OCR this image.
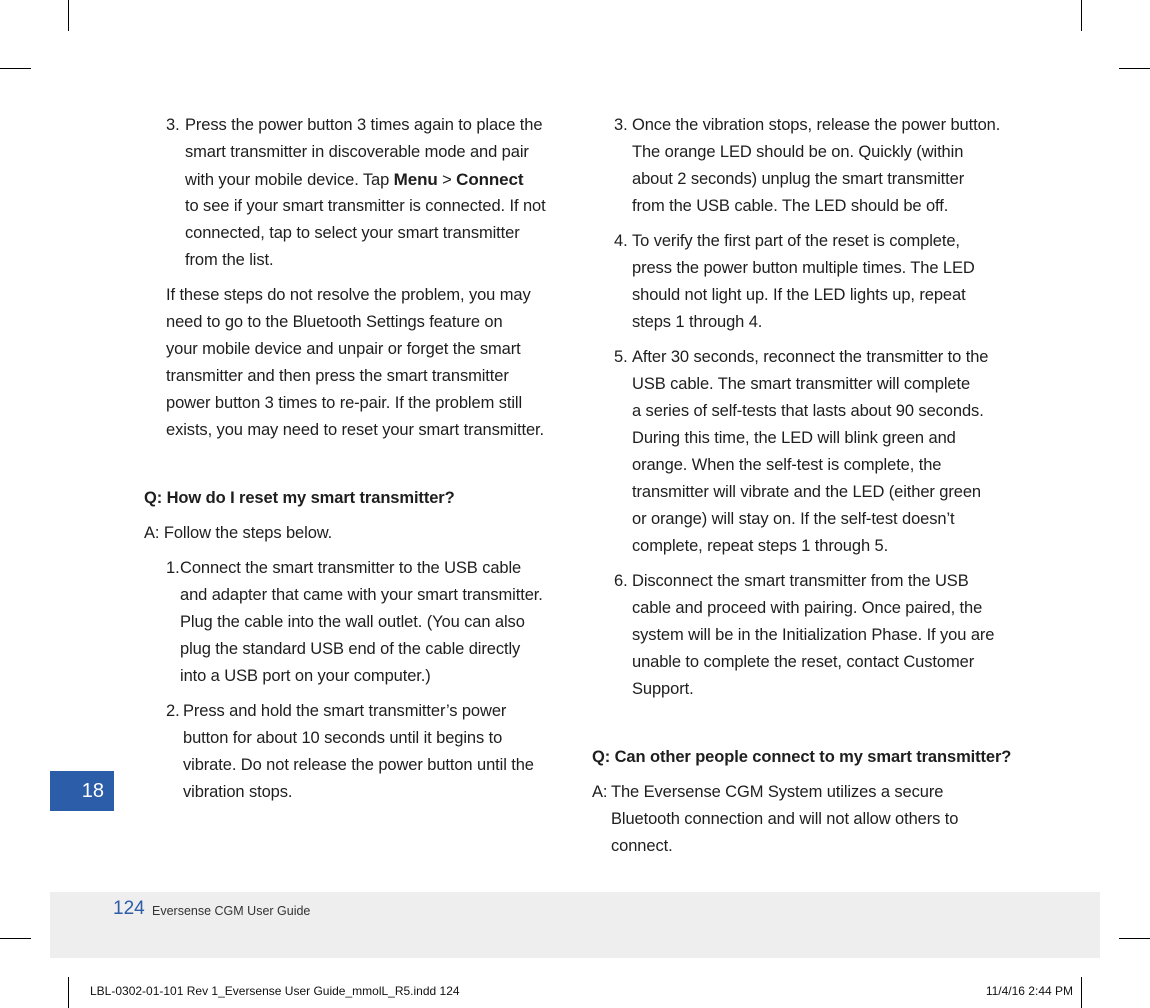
3. Press the power button 3 times again to place the
smart transmitter in discoverable mode and pair
with your mobile device. Tap Menu > Connect
to see if your smart transmitter is connected. If not
connected, tap to select your smart transmitter
from the list.
If these steps do not resolve the problem, you may
need to go to the Bluetooth Settings feature on
your mobile device and unpair or forget the smart
transmitter and then press the smart transmitter
power button 3 times to re-pair. If the problem still
exists, you may need to reset your smart transmitter.
Q: How do I reset my smart transmitter?
A: Follow the steps below.
1. Connect the smart transmitter to the USB cable
and adapter that came with your smart transmitter.
Plug the cable into the wall outlet. (You can also
plug the standard USB end of the cable directly
into a USB port on your computer.)
2. Press and hold the smart transmitter’s power
button for about 10 seconds until it begins to
vibrate. Do not release the power button until the
vibration stops.
3. Once the vibration stops, release the power button.
The orange LED should be on. Quickly (within
about 2 seconds) unplug the smart transmitter
from the USB cable. The LED should be off.
4. To verify the first part of the reset is complete,
press the power button multiple times. The LED
should not light up. If the LED lights up, repeat
steps 1 through 4.
5. After 30 seconds, reconnect the transmitter to the
USB cable. The smart transmitter will complete
a series of self-tests that lasts about 90 seconds.
During this time, the LED will blink green and
orange. When the self-test is complete, the
transmitter will vibrate and the LED (either green
or orange) will stay on. If the self-test doesn’t
complete, repeat steps 1 through 5.
6. Disconnect the smart transmitter from the USB
cable and proceed with pairing. Once paired, the
system will be in the Initialization Phase. If you are
unable to complete the reset, contact Customer
Support.
Q: Can other people connect to my smart transmitter?
A: The Eversense CGM System utilizes a secure
Bluetooth connection and will not allow others to
connect.
18
124 Eversense CGM User Guide
LBL-0302-01-101 Rev 1_Eversense User Guide_mmolL_R5.indd 124	11/4/16 2:44 PM
